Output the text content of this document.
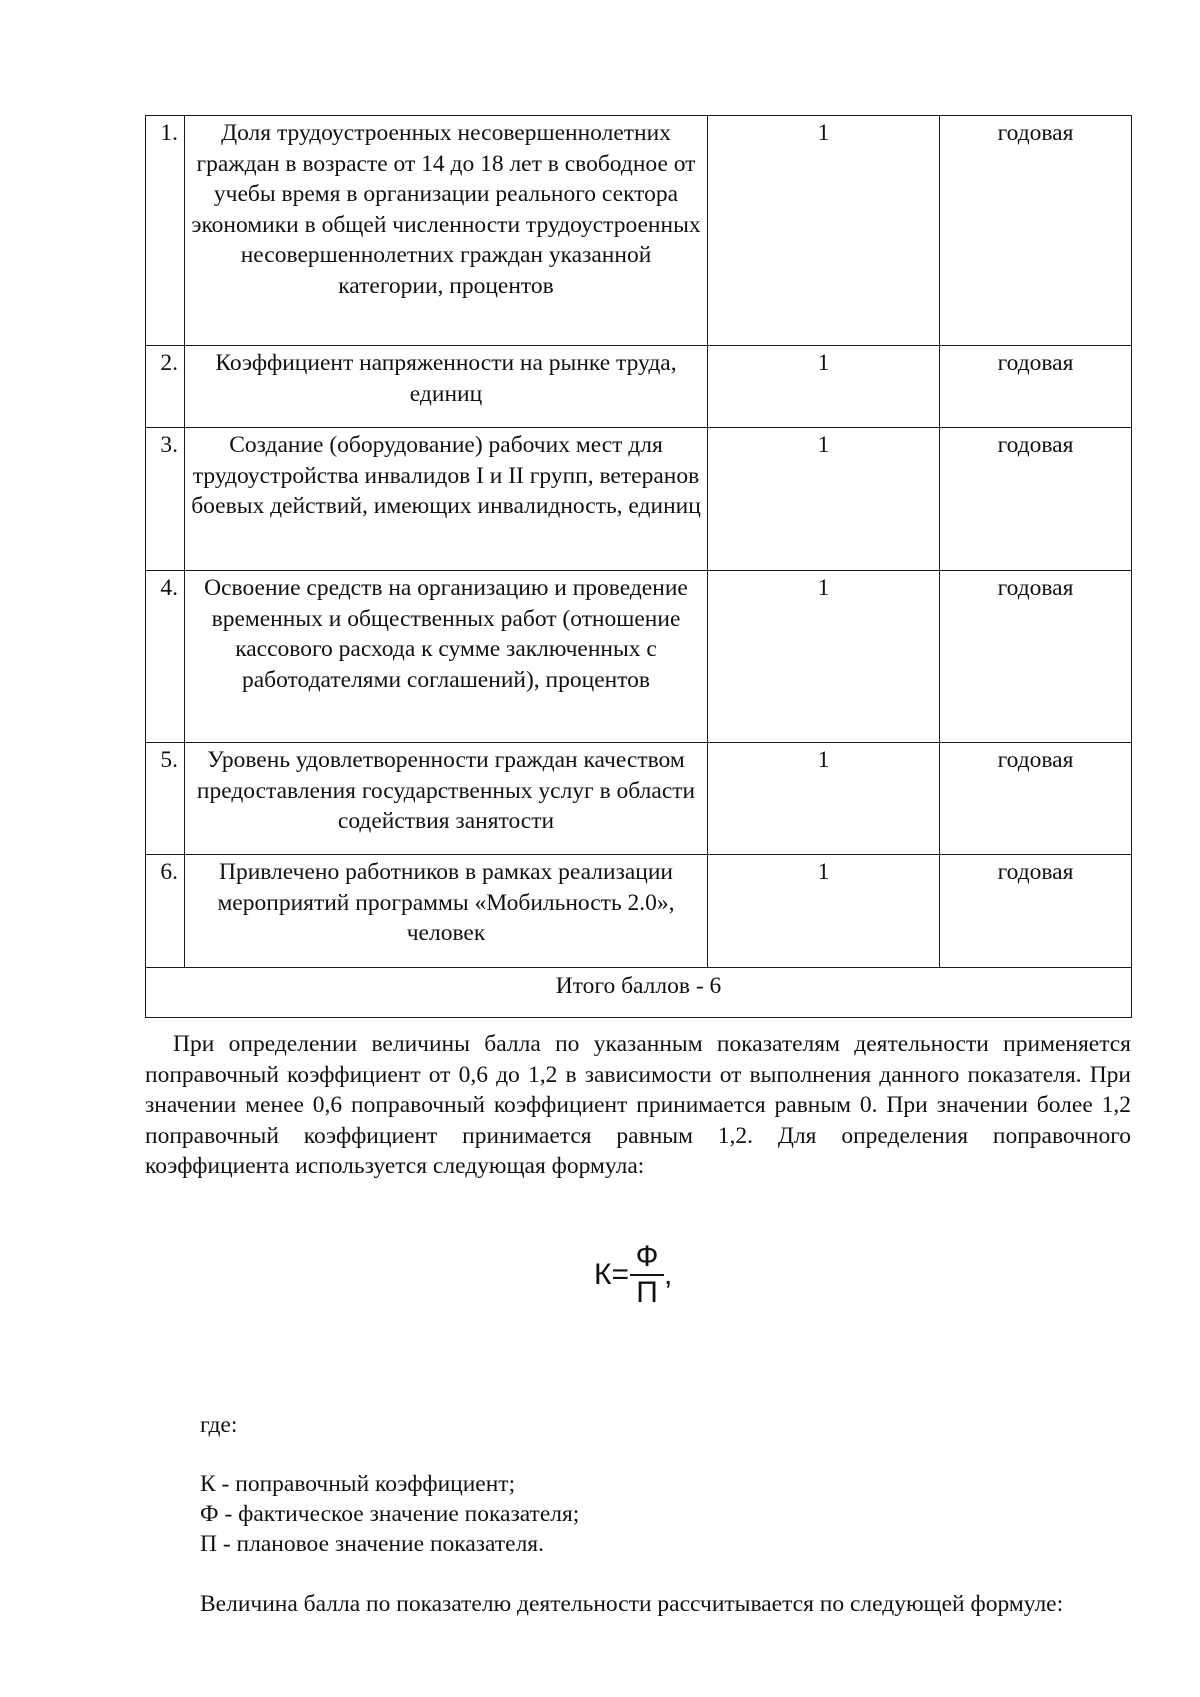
1.	Доля трудоустроенных несовершеннолетних граждан в возрасте от 14 до 18 лет в свободное от учебы время в организации реального сектора экономики в общей численности трудоустроенных несовершеннолетних граждан указанной категории, процентов	1	годовая
2.	Коэффициент напряженности на рынке труда, единиц	1	годовая
3.	Создание (оборудование) рабочих мест для трудоустройства инвалидов I и II групп, ветеранов боевых действий, имеющих инвалидность, единиц	1	годовая
4.	Освоение средств на организацию и проведение временных и общественных работ (отношение кассового расхода к сумме заключенных с работодателями соглашений), процентов	1	годовая
5.	Уровень удовлетворенности граждан качеством предоставления государственных услуг в области содействия занятости	1	годовая
6.	Привлечено работников в рамках реализации мероприятий программы «Мобильность 2.0», человек	1	годовая
Итого баллов - 6			

При определении величины балла по указанным показателям деятельности применяется поправочный коэффициент от 0,6 до 1,2 в зависимости от выполнения данного показателя. При значении менее 0,6 поправочный коэффициент принимается равным 0. При значении более 1,2 поправочный коэффициент принимается равным 1,2. Для определения поправочного коэффициента используется следующая формула:

$К= \frac{Ф}{П}$ ,

где:

К - поправочный коэффициент;

Ф - фактическое значение показателя;

П - плановое значение показателя.

Величина балла по показателю деятельности рассчитывается по следующей формуле:
